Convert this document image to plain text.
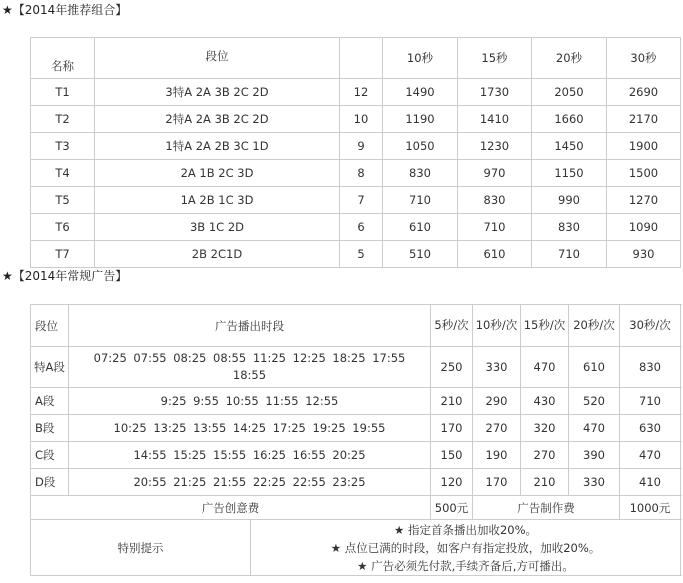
★【2014年推荐组合】
名称	段位		10秒	15秒	20秒	30秒
T1	3特A 2A 3B 2C 2D	12	1490	1730	2050	2690
T2	2特A 2A 3B 2C 2D	10	1190	1410	1660	2170
T3	1特A 2A 2B 3C 1D	9	1050	1230	1450	1900
T4	2A 1B 2C 3D	8	830	970	1150	1500
T5	1A 2B 1C 3D	7	710	830	990	1270
T6	3B 1C 2D	6	610	710	830	1090
T7	2B 2C1D	5	510	610	710	930
★【2014年常规广告】
段位	广告播出时段		5秒/次	10秒/次	15秒/次	20秒/次	30秒/次
特A段	07:25 07:55 08:25 08:55 11:25 12:25 18:25 17:55 18:55		250	330	470	610	830
A段	9:25 9:55 10:55 11:55 12:55		210	290	430	520	710
B段	10:25 13:25 13:55 14:25 17:25 19:25 19:55		170	270	320	470	630
C段	14:55 15:25 15:55 16:25 16:55 20:25		150	190	270	390	470
D段	20:55 21:25 21:55 22:25 22:55 23:25		120	170	210	330	410
广告创意费			500元	广告制作费			1000元
特别提示		★ 指定首条播出加收20%。
★ 点位已满的时段，如客户有指定投放，加收20%。
★ 广告必须先付款,手续齐备后,方可播出。					
